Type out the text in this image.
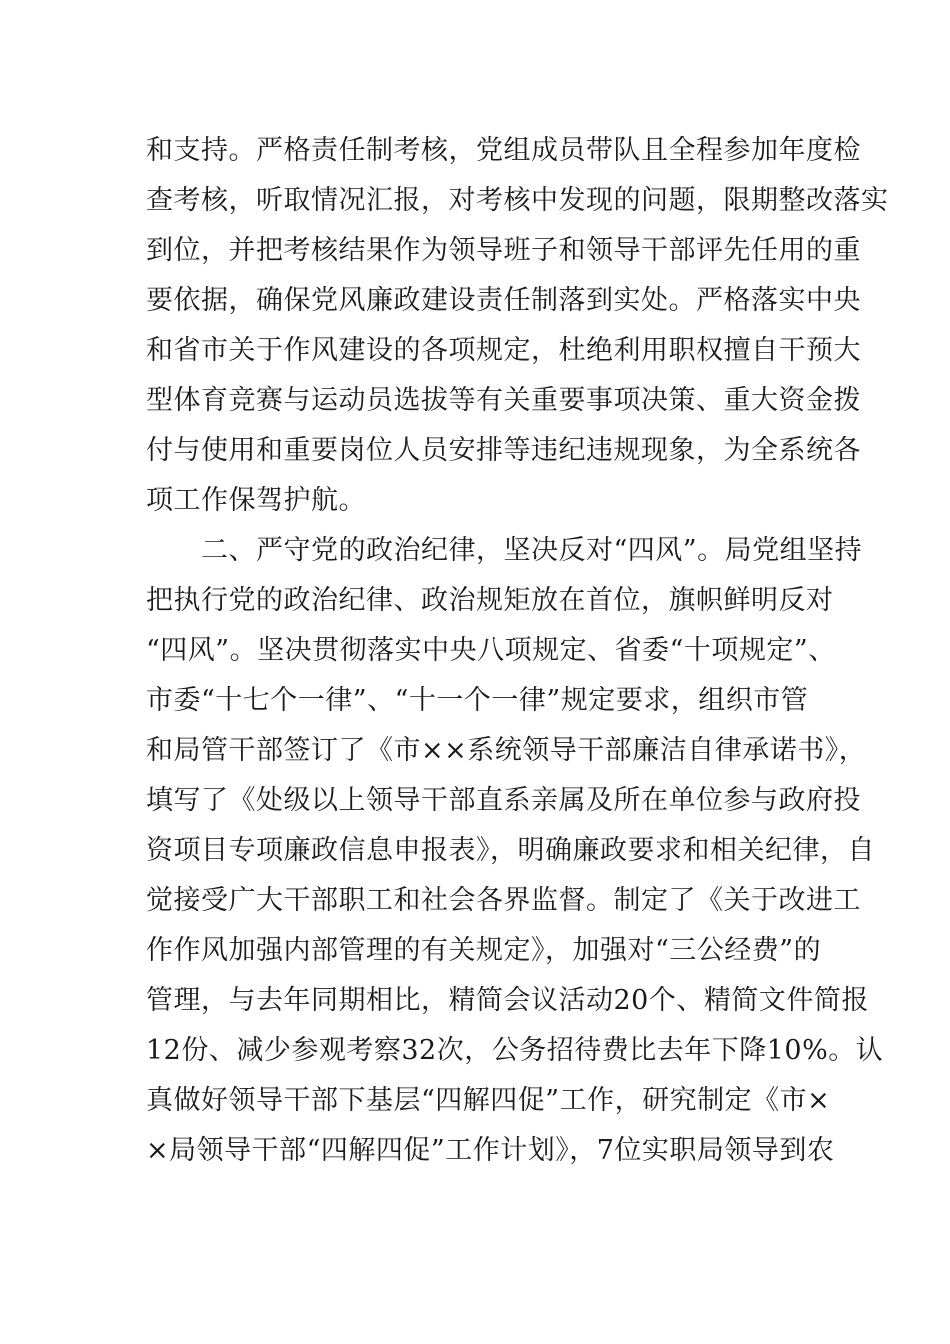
和支持。严格责任制考核，党组成员带队且全程参加年度检
查考核，听取情况汇报，对考核中发现的问题，限期整改落实
到位，并把考核结果作为领导班子和领导干部评先任用的重
要依据，确保党风廉政建设责任制落到实处。严格落实中央
和省市关于作风建设的各项规定，杜绝利用职权擅自干预大
型体育竞赛与运动员选拔等有关重要事项决策、重大资金拨
付与使用和重要岗位人员安排等违纪违规现象，为全系统各
项工作保驾护航。
　　二、严守党的政治纪律，坚决反对“四风”。局党组坚持
把执行党的政治纪律、政治规矩放在首位，旗帜鲜明反对
“四风”。坚决贯彻落实中央八项规定、省委“十项规定”、
市委“十七个一律”、“十一个一律”规定要求，组织市管
和局管干部签订了《市××系统领导干部廉洁自律承诺书》，
填写了《处级以上领导干部直系亲属及所在单位参与政府投
资项目专项廉政信息申报表》，明确廉政要求和相关纪律，自
觉接受广大干部职工和社会各界监督。制定了《关于改进工
作作风加强内部管理的有关规定》，加强对“三公经费”的
管理，与去年同期相比，精简会议活动20个、精简文件简报
12份、减少参观考察32次，公务招待费比去年下降10%。认
真做好领导干部下基层“四解四促”工作，研究制定《市×
×局领导干部“四解四促”工作计划》，7位实职局领导到农
